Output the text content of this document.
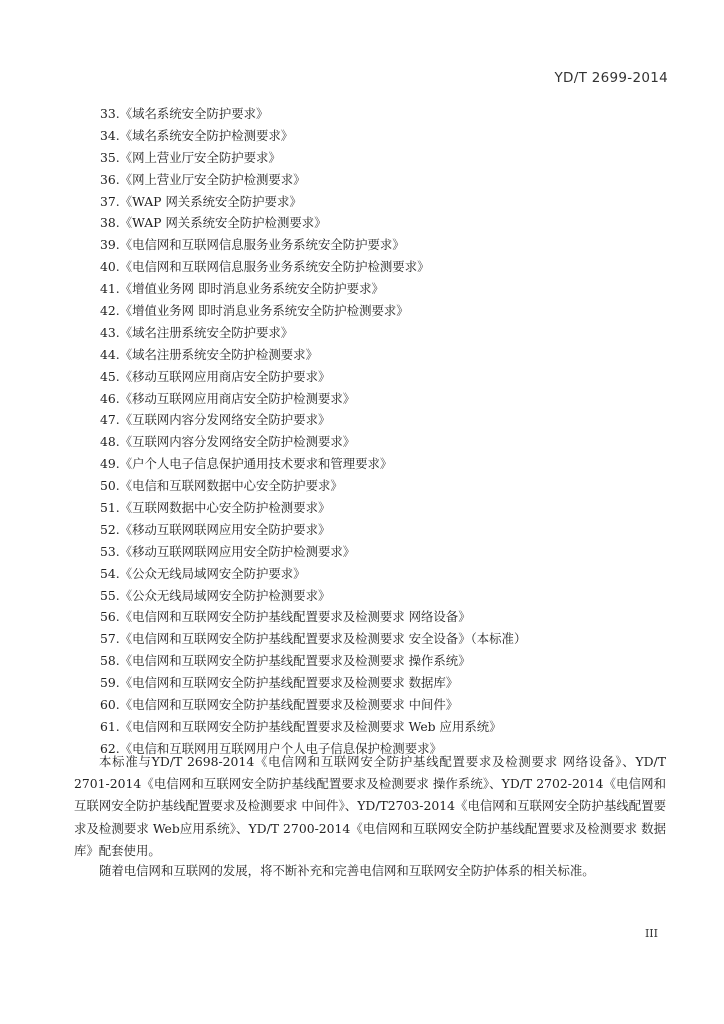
YD/T 2699-2014
33.《域名系统安全防护要求》
34.《域名系统安全防护检测要求》
35.《网上营业厅安全防护要求》
36.《网上营业厅安全防护检测要求》
37.《WAP 网关系统安全防护要求》
38.《WAP 网关系统安全防护检测要求》
39.《电信网和互联网信息服务业务系统安全防护要求》
40.《电信网和互联网信息服务业务系统安全防护检测要求》
41.《增值业务网 即时消息业务系统安全防护要求》
42.《增值业务网 即时消息业务系统安全防护检测要求》
43.《域名注册系统安全防护要求》
44.《域名注册系统安全防护检测要求》
45.《移动互联网应用商店安全防护要求》
46.《移动互联网应用商店安全防护检测要求》
47.《互联网内容分发网络安全防护要求》
48.《互联网内容分发网络安全防护检测要求》
49.《户个人电子信息保护通用技术要求和管理要求》
50.《电信和互联网数据中心安全防护要求》
51.《互联网数据中心安全防护检测要求》
52.《移动互联网联网应用安全防护要求》
53.《移动互联网联网应用安全防护检测要求》
54.《公众无线局域网安全防护要求》
55.《公众无线局域网安全防护检测要求》
56.《电信网和互联网安全防护基线配置要求及检测要求 网络设备》
57.《电信网和互联网安全防护基线配置要求及检测要求 安全设备》（本标准）
58.《电信网和互联网安全防护基线配置要求及检测要求 操作系统》
59.《电信网和互联网安全防护基线配置要求及检测要求 数据库》
60.《电信网和互联网安全防护基线配置要求及检测要求 中间件》
61.《电信网和互联网安全防护基线配置要求及检测要求 Web 应用系统》
62.《电信和互联网用互联网用户个人电子信息保护检测要求》

本标准与YD/T 2698-2014《电信网和互联网安全防护基线配置要求及检测要求 网络设备》、YD/T 2701-2014《电信网和互联网安全防护基线配置要求及检测要求 操作系统》、YD/T 2702-2014《电信网和互联网安全防护基线配置要求及检测要求 中间件》、YD/T2703-2014《电信网和互联网安全防护基线配置要求及检测要求 Web应用系统》、YD/T 2700-2014《电信网和互联网安全防护基线配置要求及检测要求 数据库》配套使用。

随着电信网和互联网的发展，将不断补充和完善电信网和互联网安全防护体系的相关标准。

III
